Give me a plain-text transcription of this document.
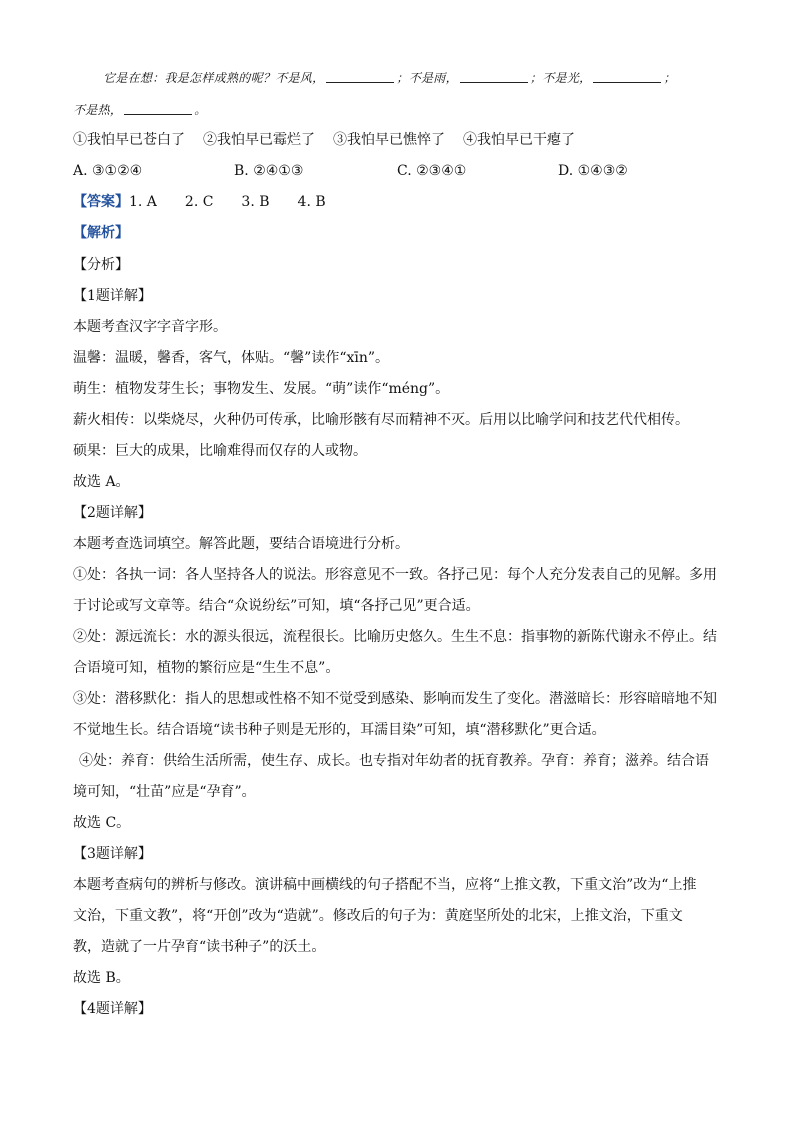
它是在想：我是怎样成熟的呢？不是风，	；不是雨，	；不是光，	；
不是热，	。
①我怕早已苍白了 ②我怕早已霉烂了 ③我怕早已憔悴了 ④我怕早已干瘪了
A. ③①②④	B. ②④①③	C. ②③④①	D. ①④③②
【答案】1. A　　2. C　　3. B　　4. B
【解析】
【分析】
【1题详解】
本题考查汉字字音字形。
温馨：温暖，馨香，客气，体贴。“馨”读作“xīn”。
萌生：植物发芽生长；事物发生、发展。“萌”读作“méng”。
薪火相传：以柴烧尽，火种仍可传承，比喻形骸有尽而精神不灭。后用以比喻学问和技艺代代相传。
硕果：巨大的成果，比喻难得而仅存的人或物。
故选 A。
【2题详解】
本题考查选词填空。解答此题，要结合语境进行分析。
①处：各执一词：各人坚持各人的说法。形容意见不一致。各抒己见：每个人充分发表自己的见解。多用
于讨论或写文章等。结合“众说纷纭”可知，填“各抒己见”更合适。
②处：源远流长：水的源头很远，流程很长。比喻历史悠久。生生不息：指事物的新陈代谢永不停止。结
合语境可知，植物的繁衍应是“生生不息”。
③处：潜移默化：指人的思想或性格不知不觉受到感染、影响而发生了变化。潜滋暗长：形容暗暗地不知
不觉地生长。结合语境“读书种子则是无形的，耳濡目染”可知，填“潜移默化”更合适。
④处：养育：供给生活所需，使生存、成长。也专指对年幼者的抚育教养。孕育：养育；滋养。结合语
境可知，“壮苗”应是“孕育”。
故选 C。
【3题详解】
本题考查病句的辨析与修改。演讲稿中画横线的句子搭配不当，应将“上推文教，下重文治”改为“上推
文治，下重文教”，将“开创”改为“造就”。修改后的句子为：黄庭坚所处的北宋，上推文治，下重文
教，造就了一片孕育“读书种子”的沃土。
故选 B。
【4题详解】
